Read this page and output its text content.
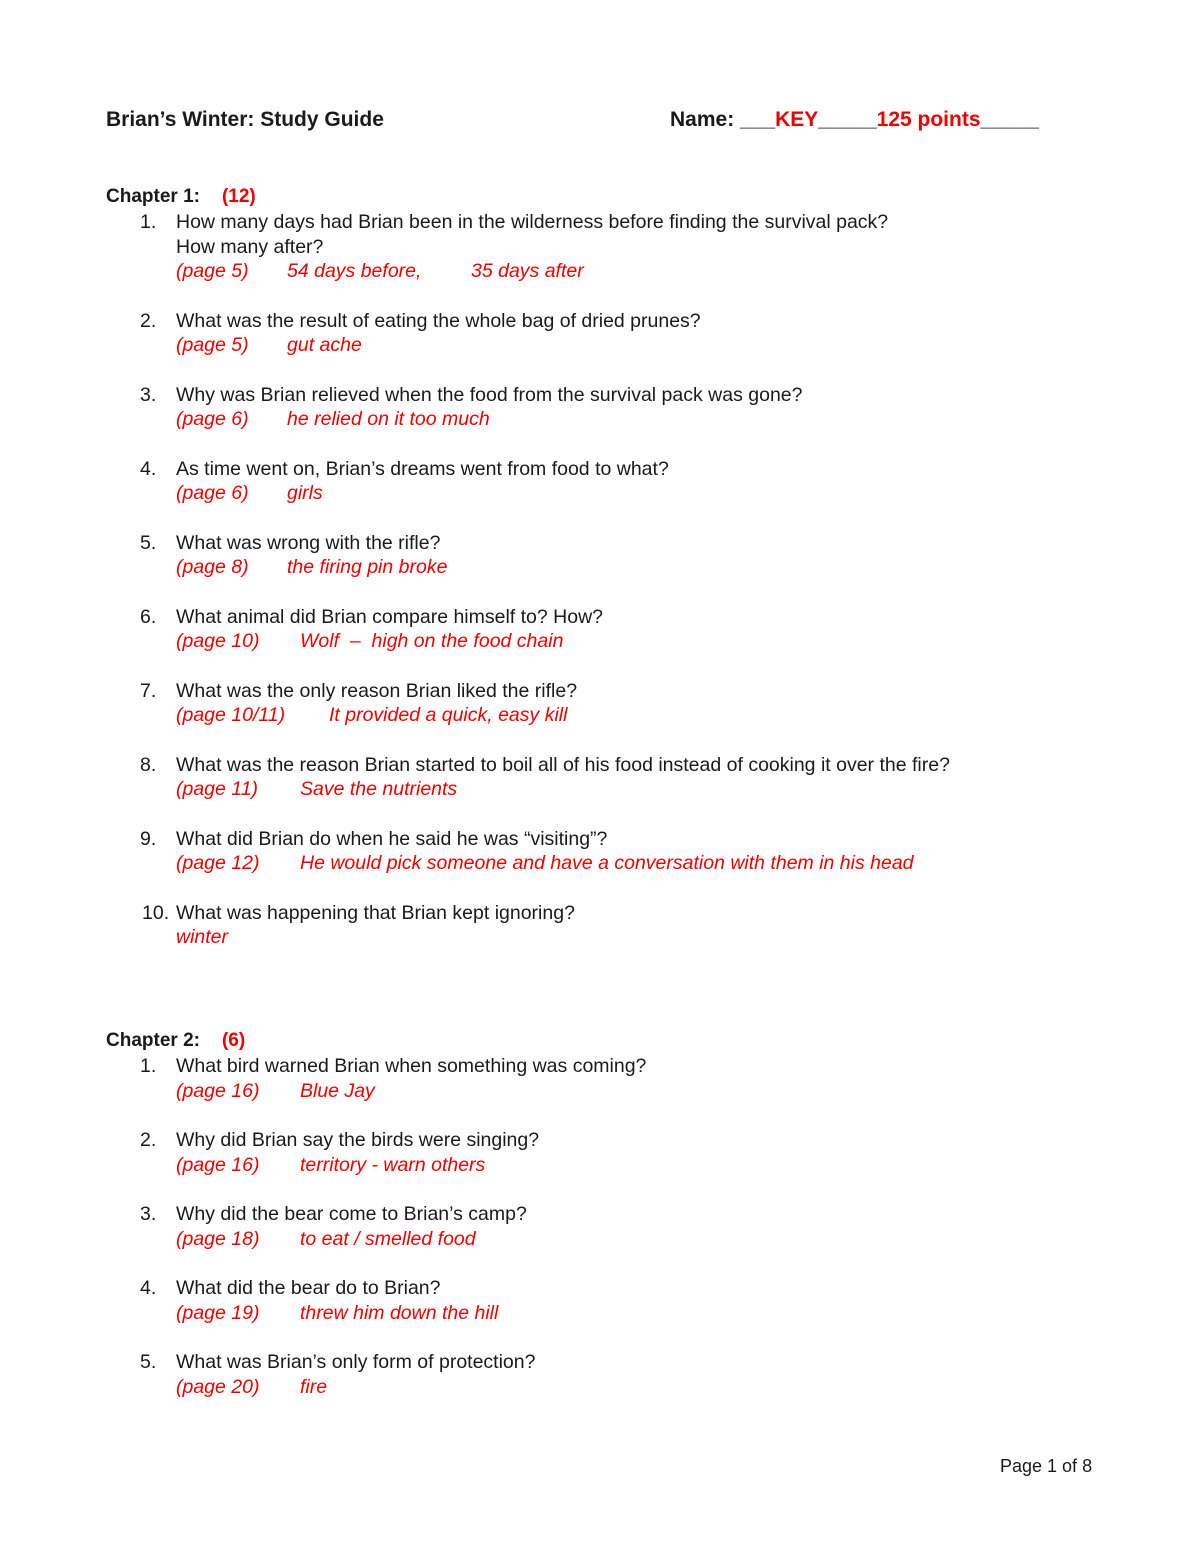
Brian’s Winter: Study Guide	Name: ___KEY_____125 points_____
Chapter 1: (12)
1. How many days had Brian been in the wilderness before finding the survival pack?
How many after?
(page 5) 54 days before,	35 days after
2. What was the result of eating the whole bag of dried prunes?
(page 5) gut ache
3. Why was Brian relieved when the food from the survival pack was gone?
(page 6) he relied on it too much
4. As time went on, Brian’s dreams went from food to what?
(page 6) girls
5. What was wrong with the rifle?
(page 8) the firing pin broke
6. What animal did Brian compare himself to? How?
(page 10) Wolf  –  high on the food chain
7. What was the only reason Brian liked the rifle?
(page 10/11) It provided a quick, easy kill
8. What was the reason Brian started to boil all of his food instead of cooking it over the fire?
(page 11) Save the nutrients
9. What did Brian do when he said he was “visiting”?
(page 12) He would pick someone and have a conversation with them in his head
10. What was happening that Brian kept ignoring?
winter
Chapter 2: (6)
1. What bird warned Brian when something was coming?
(page 16) Blue Jay
2. Why did Brian say the birds were singing?
(page 16) territory - warn others
3. Why did the bear come to Brian’s camp?
(page 18) to eat / smelled food
4. What did the bear do to Brian?
(page 19) threw him down the hill
5. What was Brian’s only form of protection?
(page 20) fire
Page 1 of 8
